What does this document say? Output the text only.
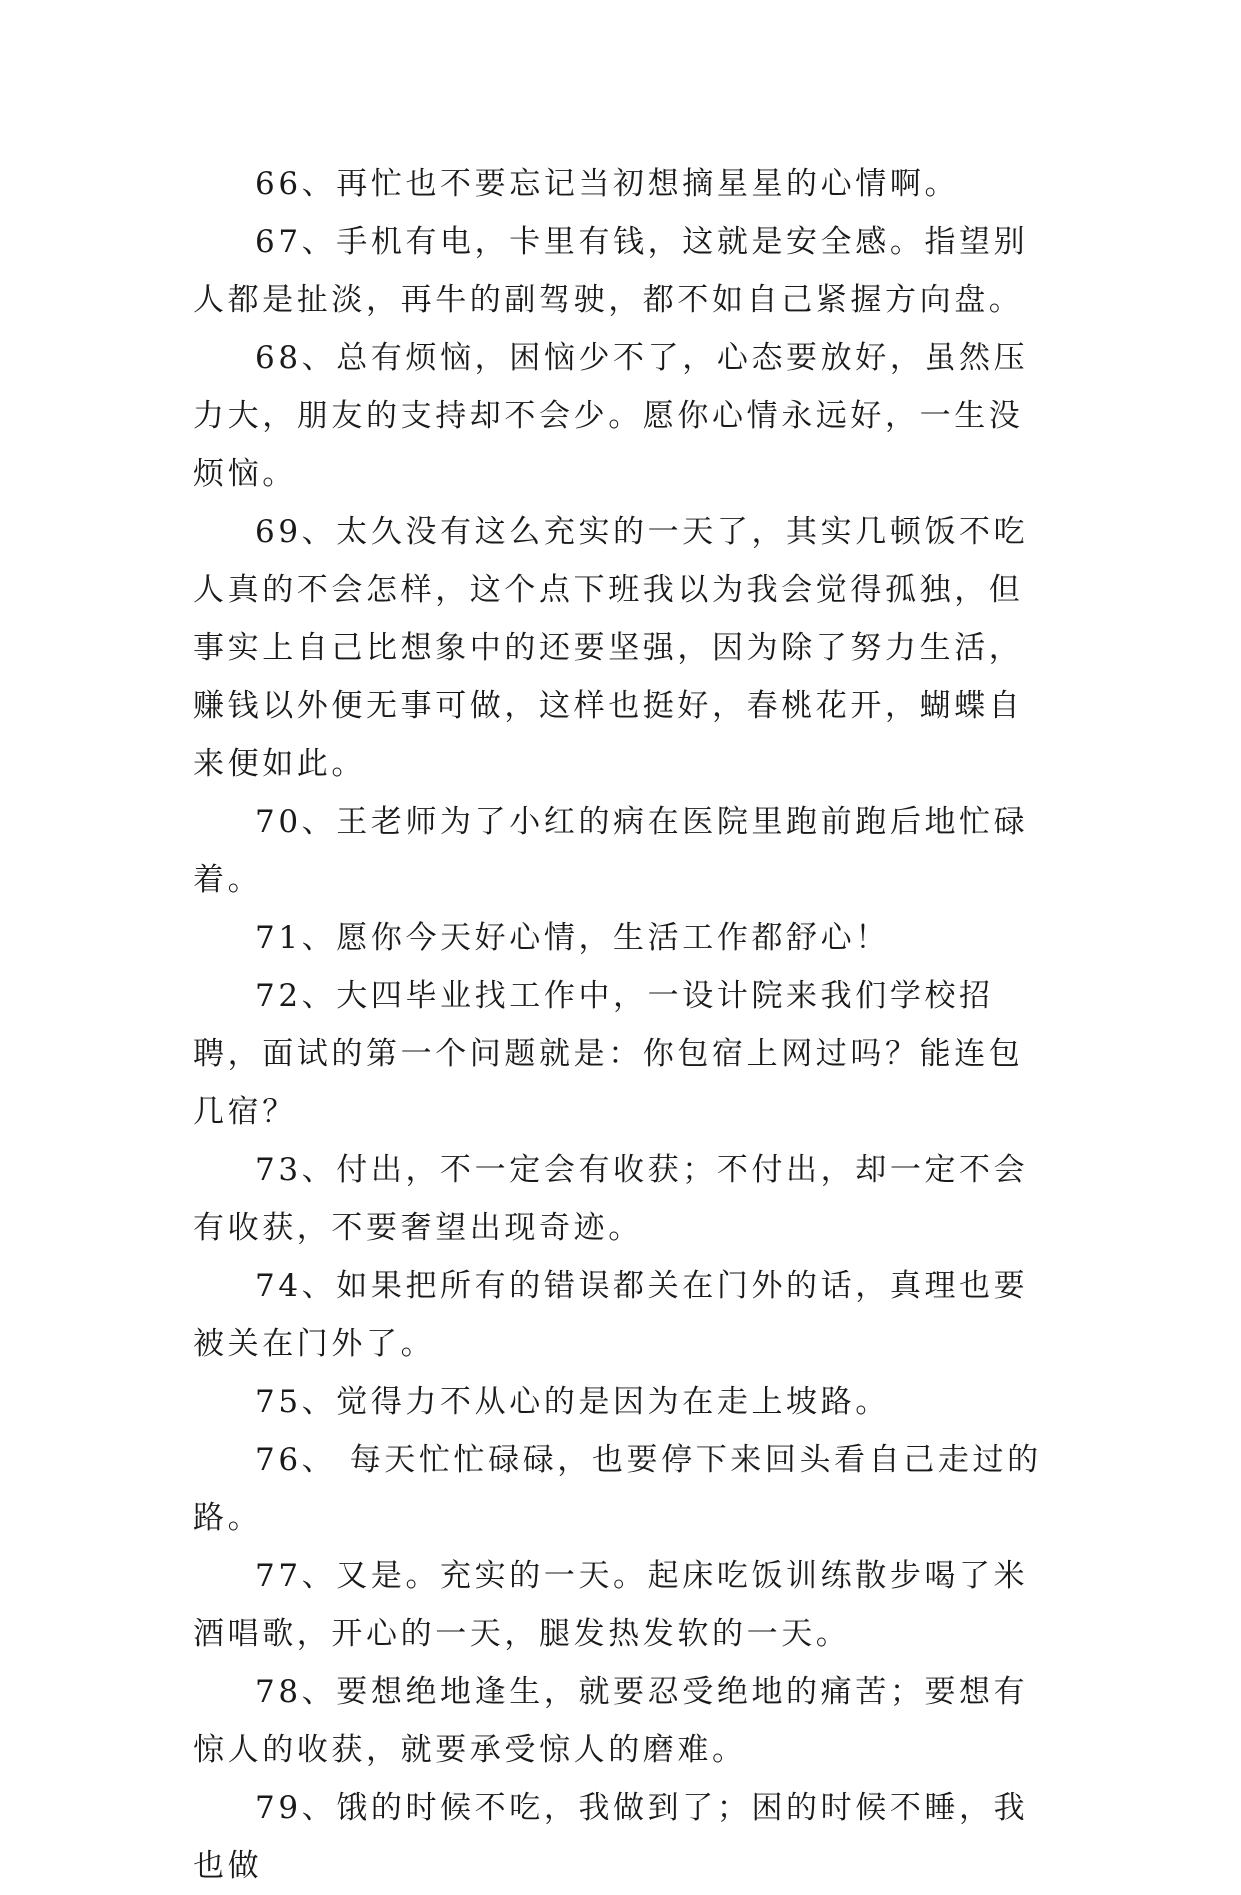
66、再忙也不要忘记当初想摘星星的心情啊。

67、手机有电，卡里有钱，这就是安全感。指望别人都是扯淡，再牛的副驾驶，都不如自己紧握方向盘。

68、总有烦恼，困恼少不了，心态要放好，虽然压力大，朋友的支持却不会少。愿你心情永远好，一生没烦恼。

69、太久没有这么充实的一天了，其实几顿饭不吃人真的不会怎样，这个点下班我以为我会觉得孤独，但事实上自己比想象中的还要坚强，因为除了努力生活，赚钱以外便无事可做，这样也挺好，春桃花开，蝴蝶自来便如此。

70、王老师为了小红的病在医院里跑前跑后地忙碌着。

71、愿你今天好心情，生活工作都舒心！

72、大四毕业找工作中，一设计院来我们学校招聘，面试的第一个问题就是：你包宿上网过吗？能连包几宿？

73、付出，不一定会有收获；不付出，却一定不会有收获，不要奢望出现奇迹。

74、如果把所有的错误都关在门外的话，真理也要被关在门外了。

75、觉得力不从心的是因为在走上坡路。

76、 每天忙忙碌碌，也要停下来回头看自己走过的路。

77、又是。充实的一天。起床吃饭训练散步喝了米酒唱歌，开心的一天，腿发热发软的一天。

78、要想绝地逢生，就要忍受绝地的痛苦；要想有惊人的收获，就要承受惊人的磨难。

79、饿的时候不吃，我做到了；困的时候不睡，我也做
